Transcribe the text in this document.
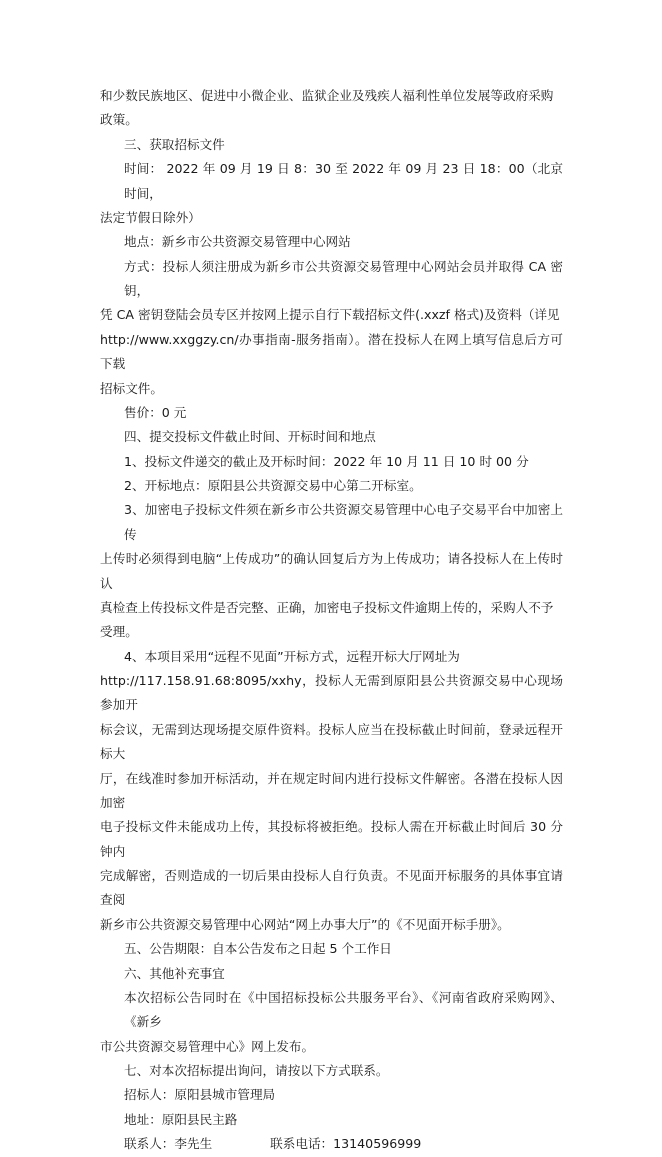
和少数民族地区、促进中小微企业、监狱企业及残疾人福利性单位发展等政府采购政策。
三、获取招标文件
时间： 2022 年 09 月 19 日 8：30 至 2022 年 09 月 23 日 18：00（北京时间，
法定节假日除外）
地点：新乡市公共资源交易管理中心网站
方式：投标人须注册成为新乡市公共资源交易管理中心网站会员并取得 CA 密钥，
凭 CA 密钥登陆会员专区并按网上提示自行下载招标文件(.xxzf 格式)及资料（详见
http://www.xxggzy.cn/办事指南-服务指南）。潜在投标人在网上填写信息后方可下载
招标文件。
售价：0 元
四、提交投标文件截止时间、开标时间和地点
1、投标文件递交的截止及开标时间：2022 年 10 月 11 日 10 时 00 分
2、开标地点：原阳县公共资源交易中心第二开标室。
3、加密电子投标文件须在新乡市公共资源交易管理中心电子交易平台中加密上传
上传时必须得到电脑“上传成功”的确认回复后方为上传成功；请各投标人在上传时认
真检查上传投标文件是否完整、正确，加密电子投标文件逾期上传的，采购人不予受理。
4、本项目采用“远程不见面”开标方式，远程开标大厅网址为
http://117.158.91.68:8095/xxhy，投标人无需到原阳县公共资源交易中心现场参加开
标会议，无需到达现场提交原件资料。投标人应当在投标截止时间前，登录远程开标大
厅，在线准时参加开标活动，并在规定时间内进行投标文件解密。各潜在投标人因加密
电子投标文件未能成功上传，其投标将被拒绝。投标人需在开标截止时间后 30 分钟内
完成解密，否则造成的一切后果由投标人自行负责。不见面开标服务的具体事宜请查阅
新乡市公共资源交易管理中心网站“网上办事大厅”的《不见面开标手册》。
五、公告期限：自本公告发布之日起 5 个工作日
六、其他补充事宜
本次招标公告同时在《中国招标投标公共服务平台》、《河南省政府采购网》、《新乡
市公共资源交易管理中心》网上发布。
七、对本次招标提出询问，请按以下方式联系。
招标人：原阳县城市管理局
地址：原阳县民主路
联系人：李先生	联系电话：13140596999
